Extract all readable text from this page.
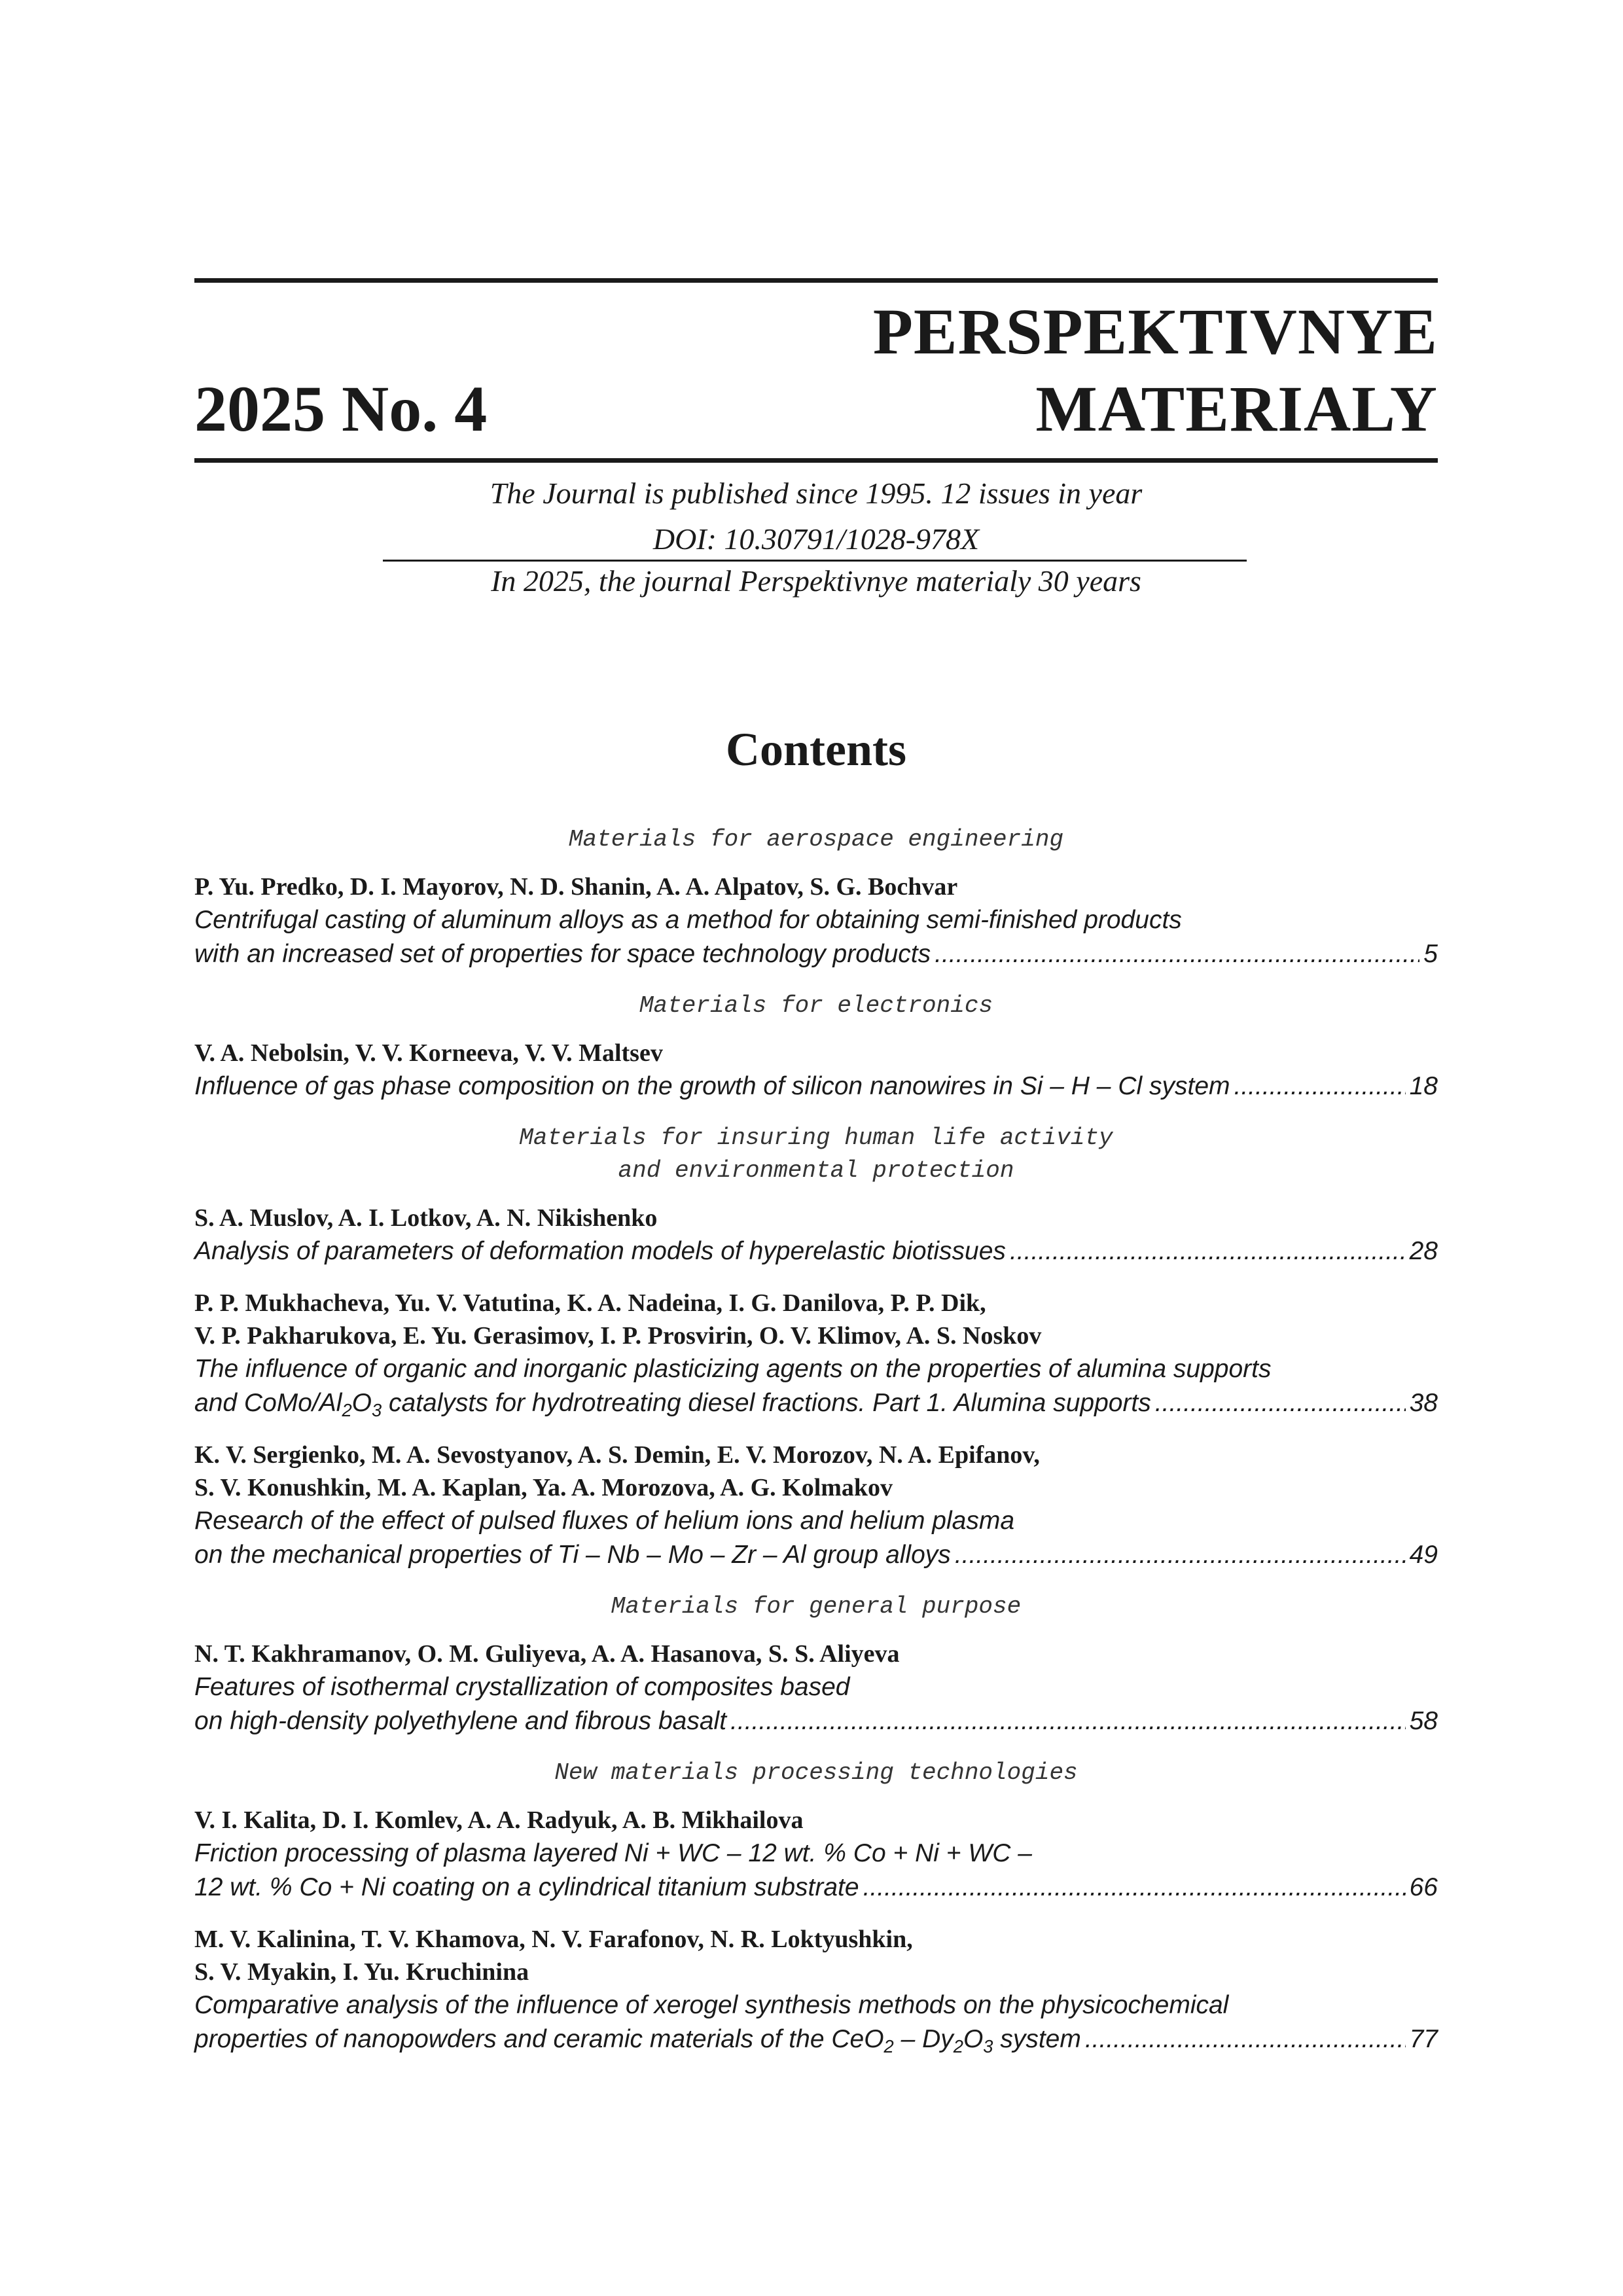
PERSPEKTIVNYE
MATERIALY
2025 No. 4

The Journal is published since 1995. 12 issues in year

DOI: 10.30791/1028-978X

In 2025, the journal Perspektivnye materialy 30 years

Contents
Materials for aerospace engineering
P. Yu. Predko, D. I. Mayorov, N. D. Shanin, A. A. Alpatov, S. G. Bochvar
Centrifugal casting of aluminum alloys as a method for obtaining semi-finished products
with an increased set of properties for space technology products .....	5
Materials for electronics
V. A. Nebolsin, V. V. Korneeva, V. V. Maltsev
Influence of gas phase composition on the growth of silicon nanowires in Si – H – Cl system .....	18
Materials for insuring human life activity
and environmental protection
S. A. Muslov, A. I. Lotkov, A. N. Nikishenko
Analysis of parameters of deformation models of hyperelastic biotissues .....	28
P. P. Mukhacheva, Yu. V. Vatutina, K. A. Nadeina, I. G. Danilova, P. P. Dik,
V. P. Pakharukova, E. Yu. Gerasimov, I. P. Prosvirin, O. V. Klimov, A. S. Noskov
The influence of organic and inorganic plasticizing agents on the properties of alumina supports
and CoMo/$Al_2O_3$ catalysts for hydrotreating diesel fractions. Part 1. Alumina supports .....	38
K. V. Sergienko, M. A. Sevostyanov, A. S. Demin, E. V. Morozov, N. A. Epifanov,
S. V. Konushkin, M. A. Kaplan, Ya. A. Morozova, A. G. Kolmakov
Research of the effect of pulsed fluxes of helium ions and helium plasma
on the mechanical properties of Ti – Nb – Mo – Zr – Al group alloys .....	49
Materials for general purpose
N. T. Kakhramanov, O. M. Guliyeva, A. A. Hasanova, S. S. Aliyeva
Features of isothermal crystallization of composites based
on high-density polyethylene and fibrous basalt .....	58
New materials processing technologies
V. I. Kalita, D. I. Komlev, A. A. Radyuk, A. B. Mikhailova
Friction processing of plasma layered Ni + WC – 12 wt. % Co + Ni + WC –
12 wt. % Co + Ni coating on a cylindrical titanium substrate .....	66
M. V. Kalinina, T. V. Khamova, N. V. Farafonov, N. R. Loktyushkin,
S. V. Myakin, I. Yu. Kruchinina
Comparative analysis of the influence of xerogel synthesis methods on the physicochemical
properties of nanopowders and ceramic materials of the $CeO_2 - Dy_2O_3$ system .....	77
